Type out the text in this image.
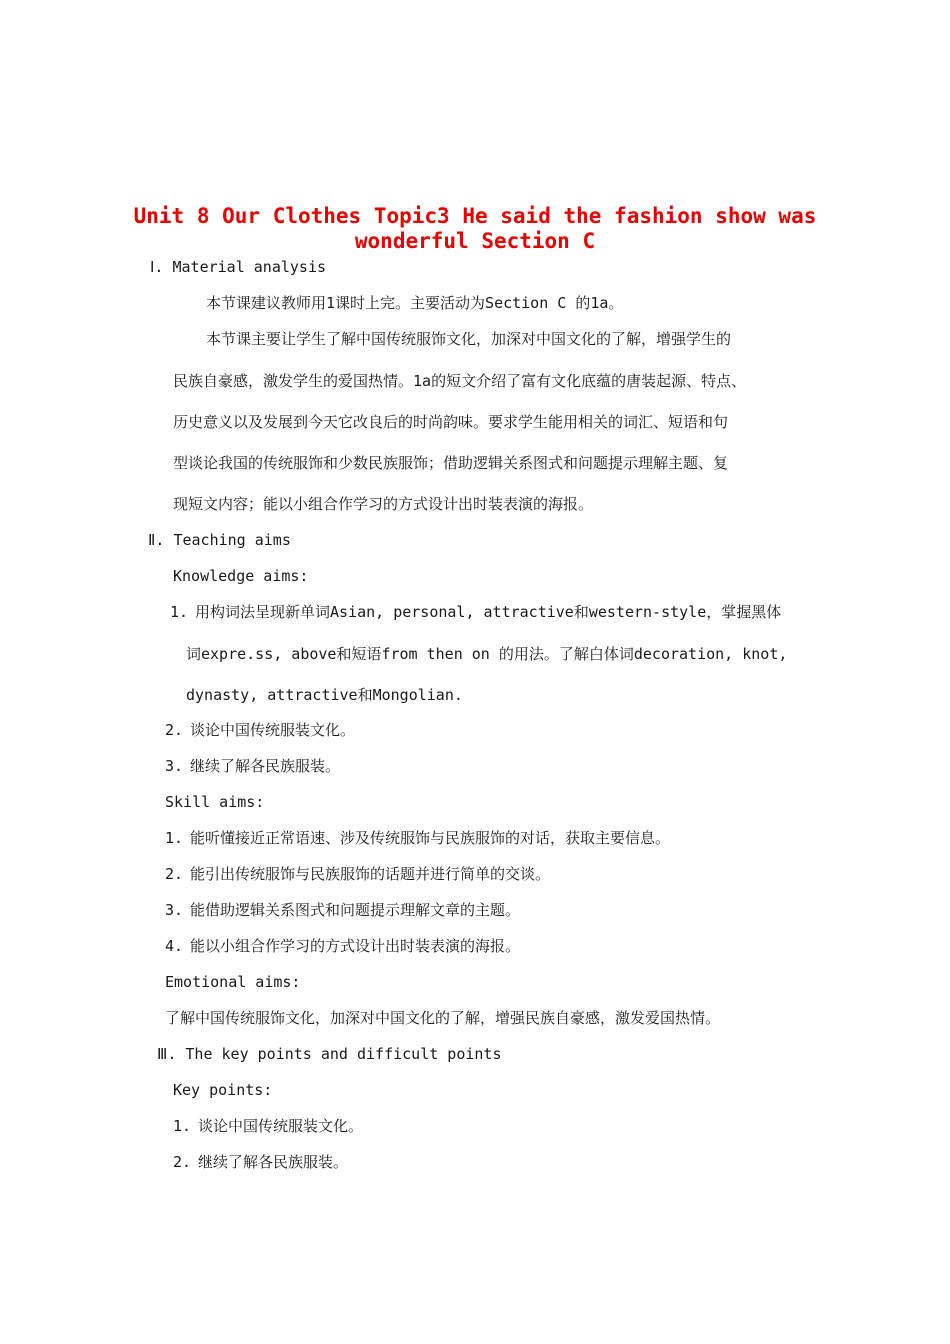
Unit 8 Our Clothes Topic3 He said the fashion show was
wonderful Section C
Ⅰ. Material analysis
本节课建议教师用1课时上完。主要活动为Section C 的1a。
本节课主要让学生了解中国传统服饰文化，加深对中国文化的了解，增强学生的
民族自豪感，激发学生的爱国热情。1a的短文介绍了富有文化底蕴的唐装起源、特点、
历史意义以及发展到今天它改良后的时尚韵味。要求学生能用相关的词汇、短语和句
型谈论我国的传统服饰和少数民族服饰；借助逻辑关系图式和问题提示理解主题、复
现短文内容；能以小组合作学习的方式设计出时装表演的海报。
Ⅱ. Teaching aims
Knowledge aims:
1. 用构词法呈现新单词Asian, personal, attractive和western-style，掌握黑体
词expre.ss, above和短语from then on 的用法。了解白体词decoration, knot,
dynasty, attractive和Mongolian.
2. 谈论中国传统服装文化。
3. 继续了解各民族服装。
Skill aims:
1. 能听懂接近正常语速、涉及传统服饰与民族服饰的对话，获取主要信息。
2. 能引出传统服饰与民族服饰的话题并进行简单的交谈。
3. 能借助逻辑关系图式和问题提示理解文章的主题。
4. 能以小组合作学习的方式设计出时装表演的海报。
Emotional aims:
了解中国传统服饰文化，加深对中国文化的了解，增强民族自豪感，激发爱国热情。
Ⅲ. The key points and difficult points
Key points:
1. 谈论中国传统服装文化。
2. 继续了解各民族服装。
